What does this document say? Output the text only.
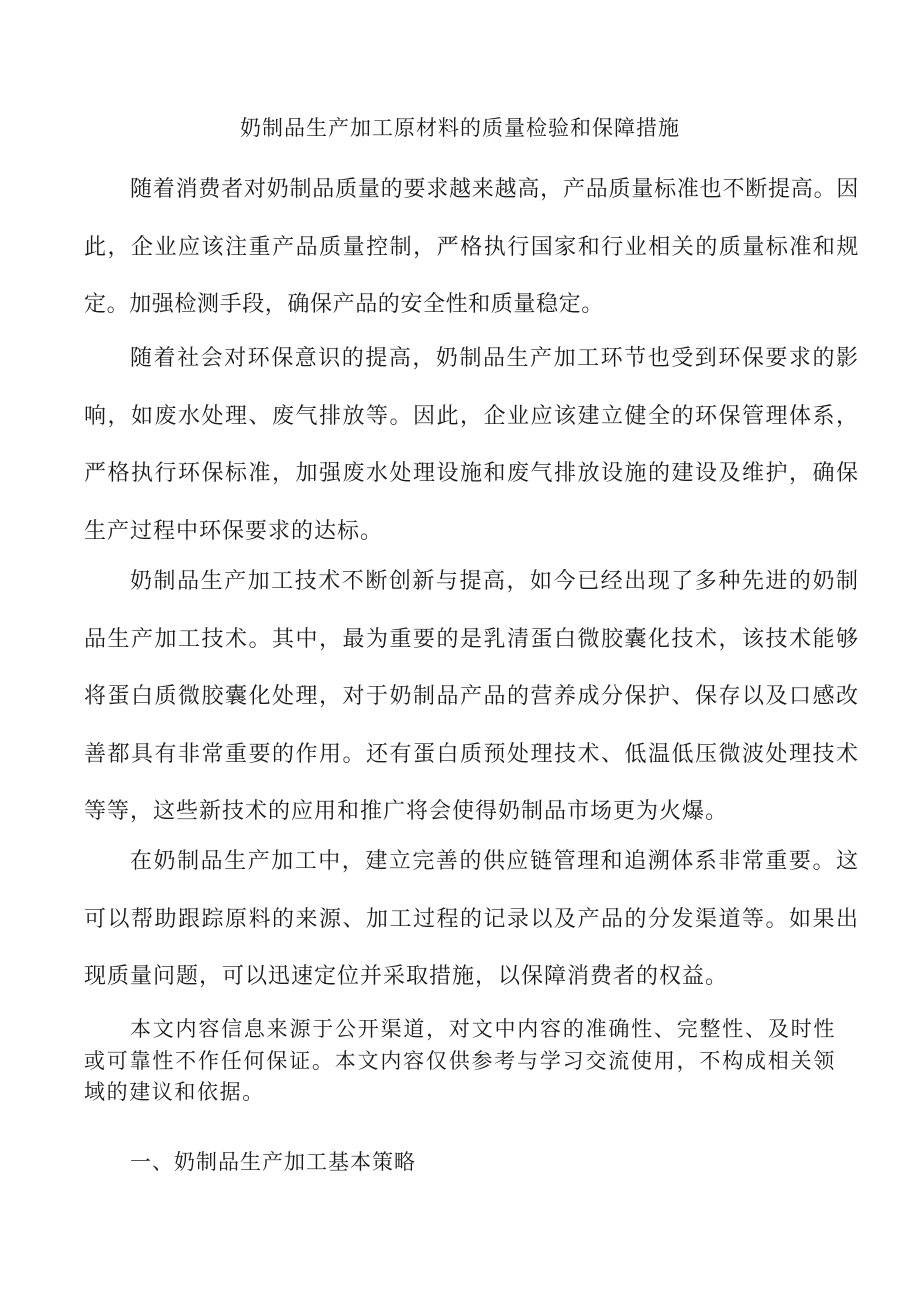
奶制品生产加工原材料的质量检验和保障措施

随着消费者对奶制品质量的要求越来越高，产品质量标准也不断提高。因此，企业应该注重产品质量控制，严格执行国家和行业相关的质量标准和规定。加强检测手段，确保产品的安全性和质量稳定。

随着社会对环保意识的提高，奶制品生产加工环节也受到环保要求的影响，如废水处理、废气排放等。因此，企业应该建立健全的环保管理体系，严格执行环保标准，加强废水处理设施和废气排放设施的建设及维护，确保生产过程中环保要求的达标。

奶制品生产加工技术不断创新与提高，如今已经出现了多种先进的奶制品生产加工技术。其中，最为重要的是乳清蛋白微胶囊化技术，该技术能够将蛋白质微胶囊化处理，对于奶制品产品的营养成分保护、保存以及口感改善都具有非常重要的作用。还有蛋白质预处理技术、低温低压微波处理技术等等，这些新技术的应用和推广将会使得奶制品市场更为火爆。

在奶制品生产加工中，建立完善的供应链管理和追溯体系非常重要。这可以帮助跟踪原料的来源、加工过程的记录以及产品的分发渠道等。如果出现质量问题，可以迅速定位并采取措施，以保障消费者的权益。

本文内容信息来源于公开渠道，对文中内容的准确性、完整性、及时性或可靠性不作任何保证。本文内容仅供参考与学习交流使用，不构成相关领域的建议和依据。

一、奶制品生产加工基本策略
